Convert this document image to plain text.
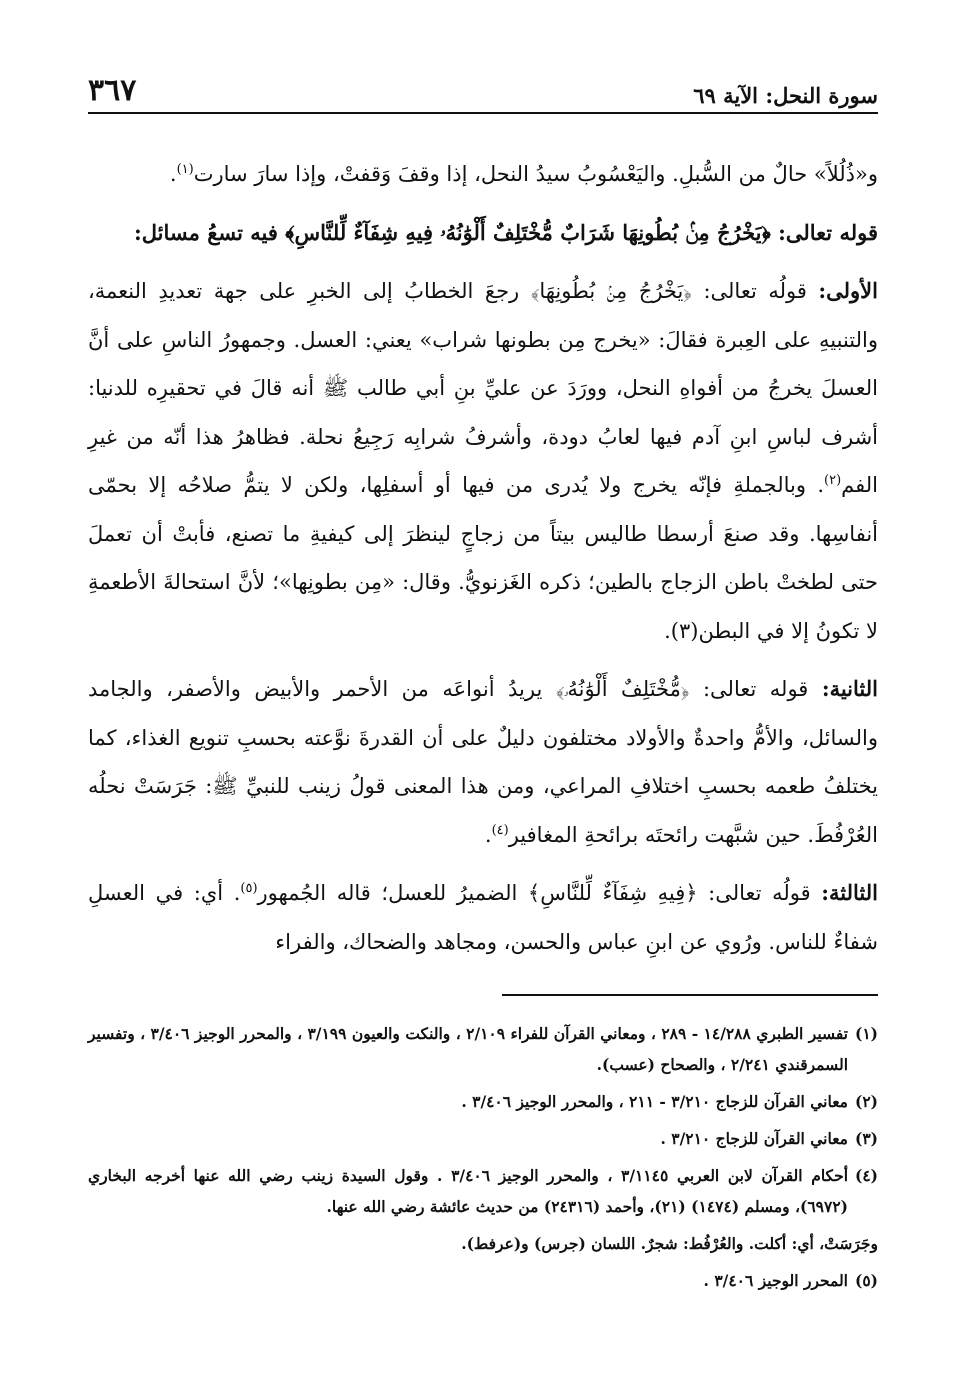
سورة النحل: الآية ٦٩
٣٦٧

و«ذُلُلاً» حالٌ من السُّبلِ. واليَعْسُوبُ سيدُ النحل، إذا وقفَ وَقفتْ، وإذا سارَ سارت$^{(١)}$.

قوله تعالى: ﴿يَخْرُجُ مِنۢ بُطُونِهَا شَرَابٌ مُّخْتَلِفٌ أَلْوَٰنُهُۥ فِيهِ شِفَآءٌ لِّلنَّاسِ﴾ فيه تسعُ مسائل:

الأولى: قولُه تعالى: ﴿يَخْرُجُ مِنۢ بُطُونِهَا﴾ رجعَ الخطابُ إلى الخبرِ على جهة تعديدِ النعمة، والتنبيهِ على العِبرة فقالَ: «يخرج مِن بطونها شراب» يعني: العسل. وجمهورُ الناسِ على أنَّ العسلَ يخرجُ من أفواهِ النحل، وورَدَ عن عليِّ بنِ أبي طالب ﷺ أنه قالَ في تحقيرِه للدنيا: أشرف لباسِ ابنِ آدم فيها لعابُ دودة، وأشرفُ شرابِه رَجِيعُ نحلة. فظاهرُ هذا أنّه من غيرِ الفم$^{(٢)}$. وبالجملةِ فإنّه يخرج ولا يُدرى من فيها أو أسفلِها، ولكن لا يتمُّ صلاحُه إلا بحمّى أنفاسِها. وقد صنعَ أرسطا طاليس بيتاً من زجاجٍ لينظرَ إلى كيفيةِ ما تصنع، فأبتْ أن تعملَ حتى لطختْ باطن الزجاج بالطين؛ ذكره الغَزنويُّ. وقال: «مِن بطونِها»؛ لأنَّ استحالةَ الأطعمةِ لا تكونُ إلا في البطن(٣).

الثانية: قوله تعالى: ﴿مُّخْتَلِفٌ أَلْوَٰنُهُۥ﴾ يريدُ أنواعَه من الأحمر والأبيض والأصفر، والجامد والسائل، والأمُّ واحدةٌ والأولاد مختلفون دليلٌ على أن القدرةَ نوَّعته بحسبِ تنويع الغذاء، كما يختلفُ طعمه بحسبِ اختلافِ المراعي، ومن هذا المعنى قولُ زينب للنبيِّ ﷺ: جَرَسَتْ نحلُه العُرْفُطَ. حين شبَّهت رائحتَه برائحةِ المغافير$^{(٤)}$.

الثالثة: قولُه تعالى: ﴿فِيهِ شِفَآءٌ لِّلنَّاسِ﴾ الضميرُ للعسل؛ قاله الجُمهور$^{(٥)}$. أي: في العسلِ شفاءٌ للناس. ورُوي عن ابنِ عباس والحسن، ومجاهد والضحاك، والفراء

(١)
تفسير الطبري ١٤/٢٨٨ - ٢٨٩ ، ومعاني القرآن للفراء ٢/١٠٩ ، والنكت والعيون ٣/١٩٩ ، والمحرر الوجيز ٣/٤٠٦ ، وتفسير السمرقندي ٢/٢٤١ ، والصحاح (عسب).
(٢)
معاني القرآن للزجاج ٣/٢١٠ - ٢١١ ، والمحرر الوجيز ٣/٤٠٦ .
(٣)
معاني القرآن للزجاج ٣/٢١٠ .
(٤)
أحكام القرآن لابن العربي ٣/١١٤٥ ، والمحرر الوجيز ٣/٤٠٦ . وقول السيدة زينب رضي الله عنها أخرجه البخاري (٦٩٧٢)، ومسلم (١٤٧٤) (٢١)، وأحمد (٢٤٣١٦) من حديث عائشة رضي الله عنها.
وجَرَسَتْ، أي: أكلت. والعُرْفُط: شجرٌ. اللسان (جرس) و(عرفط).
(٥)
المحرر الوجيز ٣/٤٠٦ .
